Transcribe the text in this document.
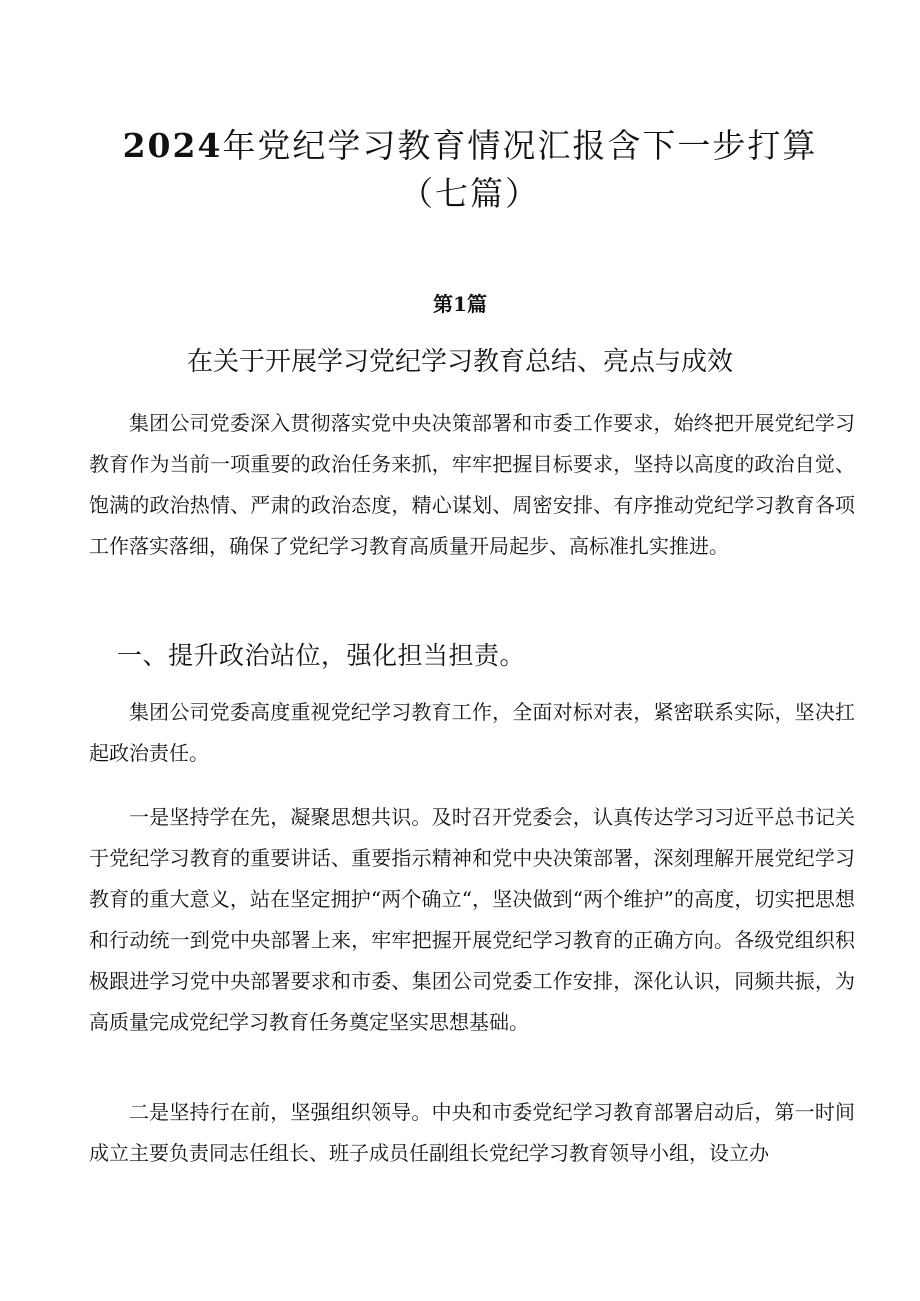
2024年党纪学习教育情况汇报含下一步打算（七篇）
第1篇
在关于开展学习党纪学习教育总结、亮点与成效

集团公司党委深入贯彻落实党中央决策部署和市委工作要求，始终把开展党纪学习教育作为当前一项重要的政治任务来抓，牢牢把握目标要求，坚持以高度的政治自觉、饱满的政治热情、严肃的政治态度，精心谋划、周密安排、有序推动党纪学习教育各项工作落实落细，确保了党纪学习教育高质量开局起步、高标准扎实推进。

一、提升政治站位，强化担当担责。

集团公司党委高度重视党纪学习教育工作，全面对标对表，紧密联系实际，坚决扛起政治责任。

一是坚持学在先，凝聚思想共识。及时召开党委会，认真传达学习习近平总书记关于党纪学习教育的重要讲话、重要指示精神和党中央决策部署，深刻理解开展党纪学习教育的重大意义，站在坚定拥护“两个确立“，坚决做到“两个维护”的高度，切实把思想和行动统一到党中央部署上来，牢牢把握开展党纪学习教育的正确方向。各级党组织积极跟进学习党中央部署要求和市委、集团公司党委工作安排，深化认识，同频共振，为高质量完成党纪学习教育任务奠定坚实思想基础。

二是坚持行在前，坚强组织领导。中央和市委党纪学习教育部署启动后，第一时间成立主要负责同志任组长、班子成员任副组长党纪学习教育领导小组，设立办
